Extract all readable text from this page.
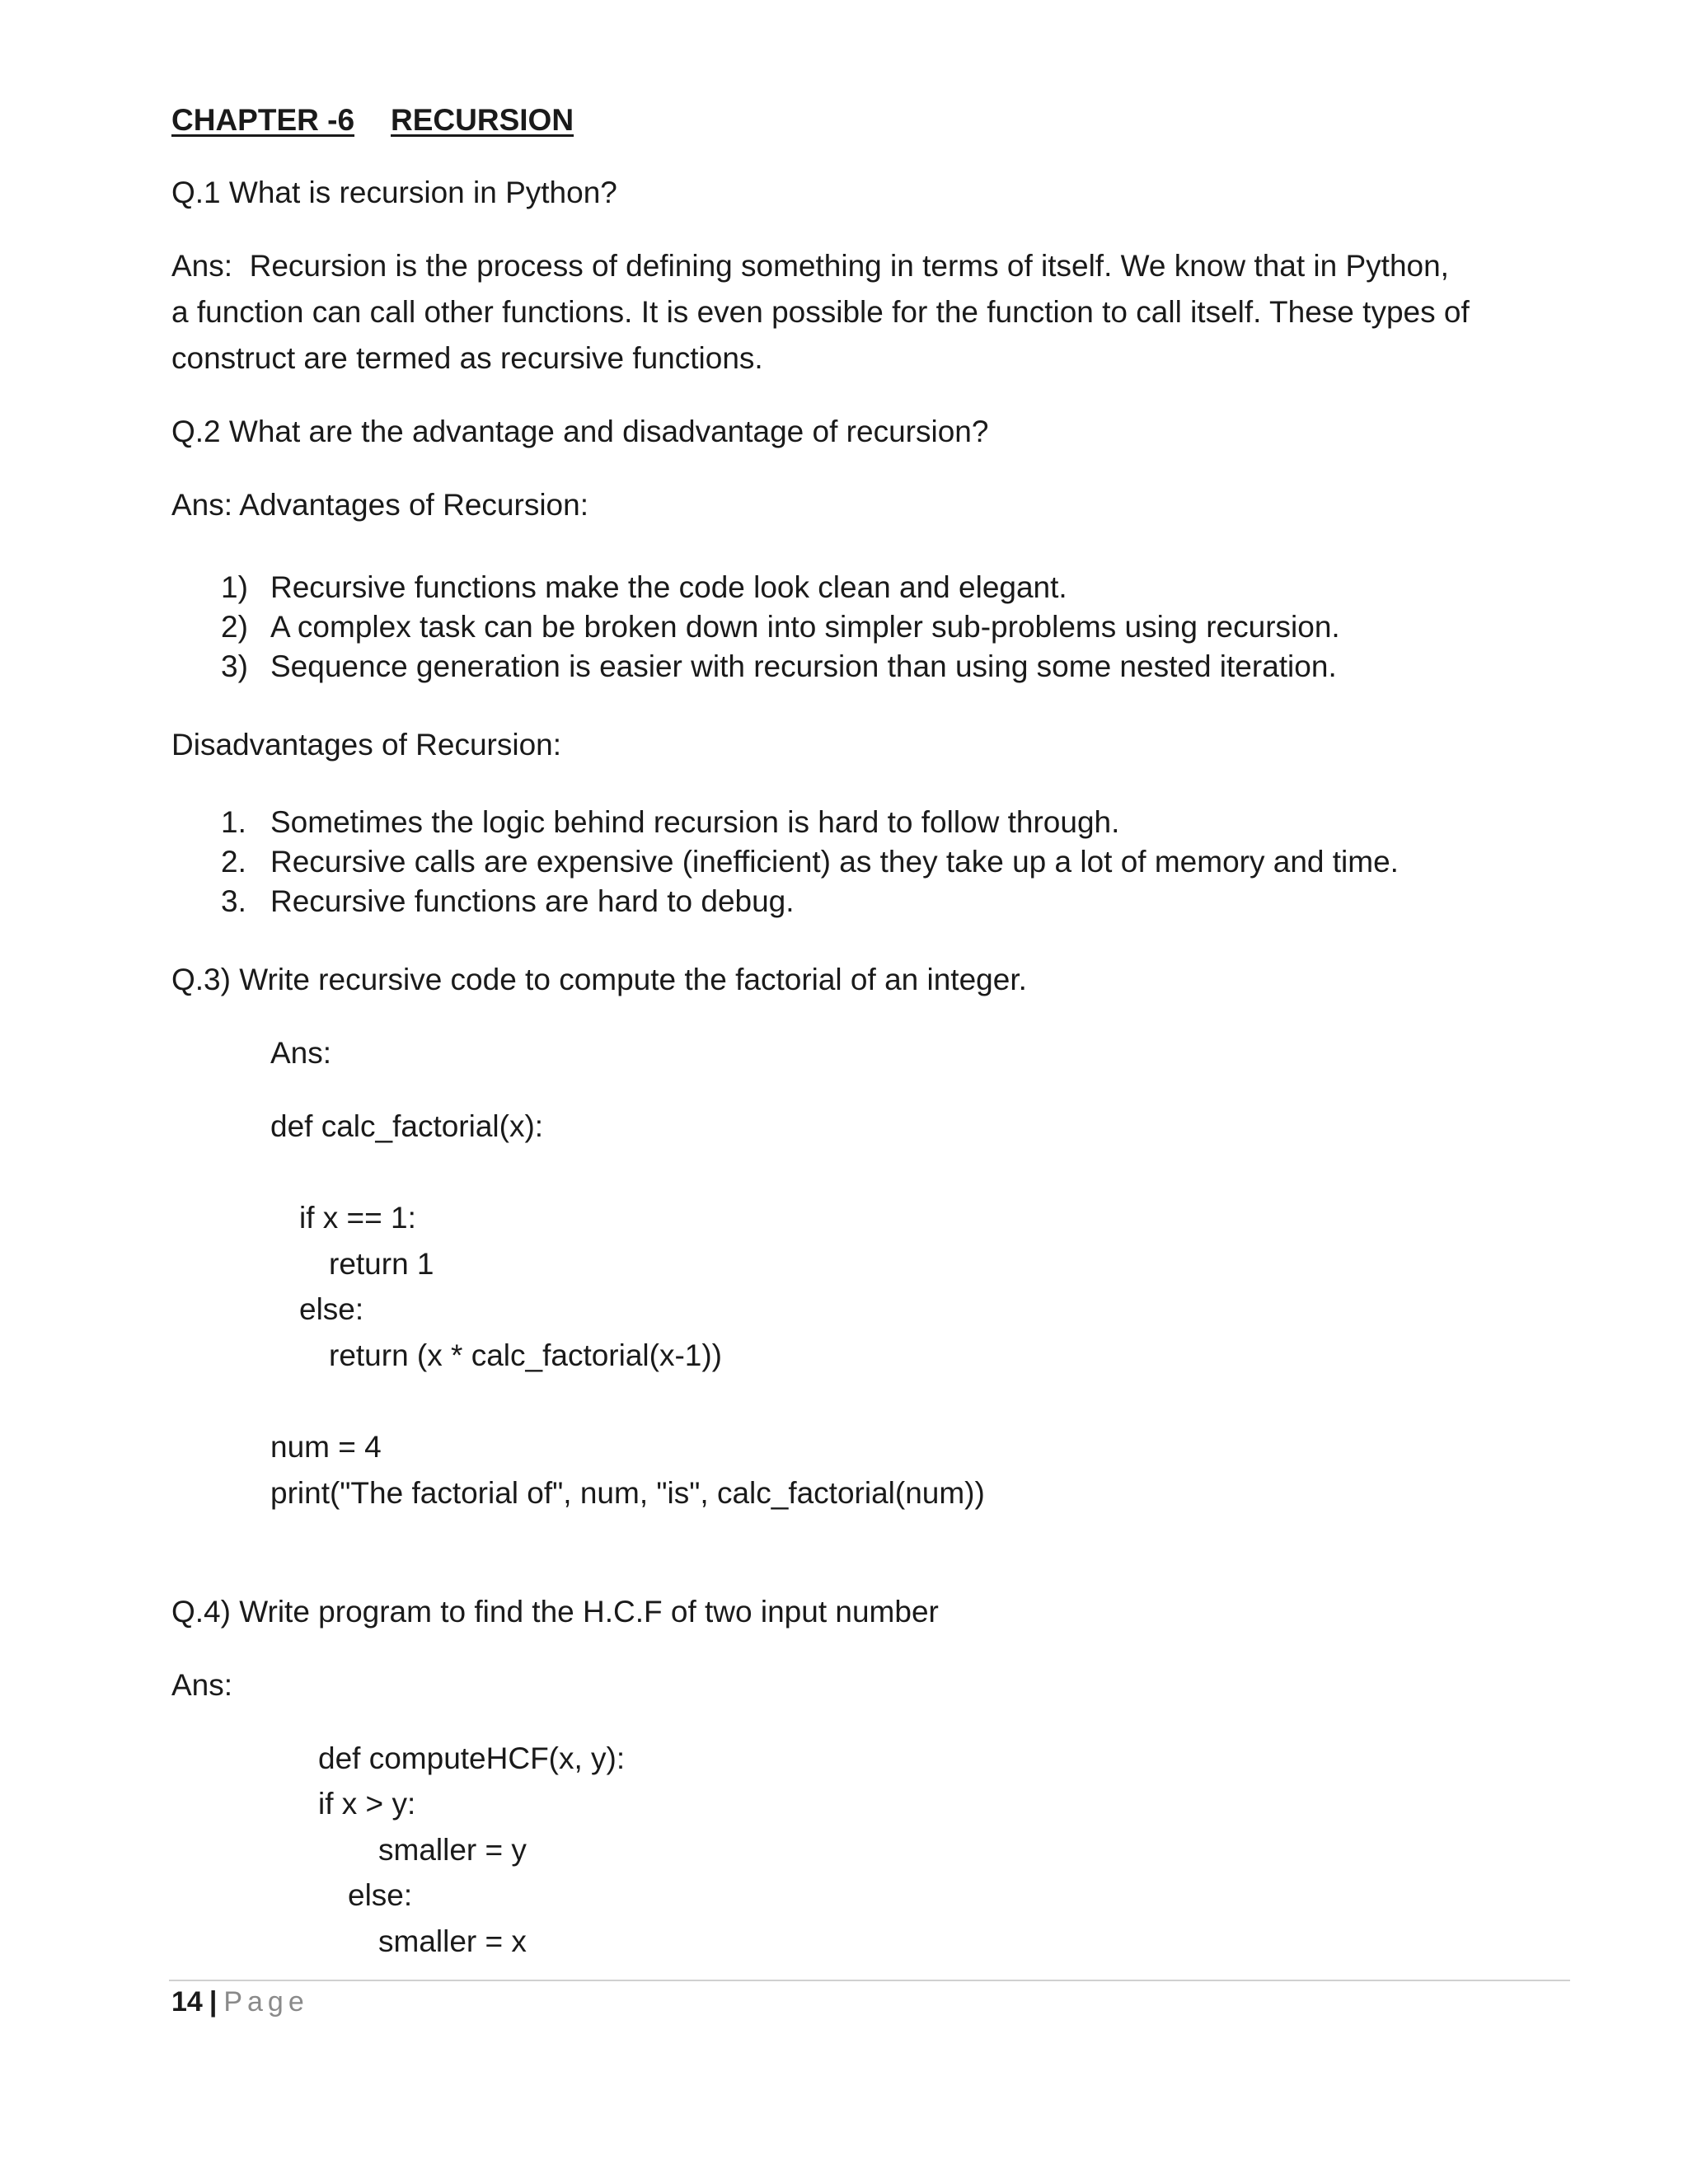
CHAPTER -6 RECURSION
Q.1 What is recursion in Python?
Ans:  Recursion is the process of defining something in terms of itself. We know that in Python,
a function can call other functions. It is even possible for the function to call itself. These types of
construct are termed as recursive functions.
Q.2 What are the advantage and disadvantage of recursion?
Ans: Advantages of Recursion:
1) Recursive functions make the code look clean and elegant.
2) A complex task can be broken down into simpler sub-problems using recursion.
3) Sequence generation is easier with recursion than using some nested iteration.
Disadvantages of Recursion:
1. Sometimes the logic behind recursion is hard to follow through.
2. Recursive calls are expensive (inefficient) as they take up a lot of memory and time.
3. Recursive functions are hard to debug.
Q.3) Write recursive code to compute the factorial of an integer.
Ans:
def calc_factorial(x):
if x == 1:
return 1
else:
return (x * calc_factorial(x-1))
num = 4
print("The factorial of", num, "is", calc_factorial(num))
Q.4) Write program to find the H.C.F of two input number
Ans:
def computeHCF(x, y):
if x > y:
smaller = y
else:
smaller = x
14 | Page
